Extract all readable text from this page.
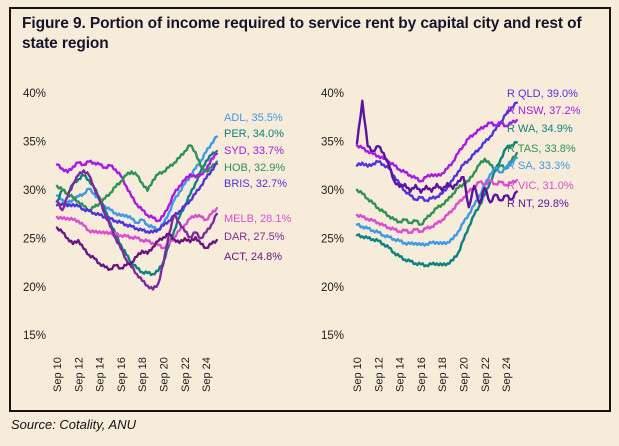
Figure 9. Portion of income required to service rent by capital city and rest of state region
40%
35%
30%
25%
20%
15%
Sep 10 Sep 12 Sep 14 Sep 16 Sep 18 Sep 20 Sep 22 Sep 24
ADL, 35.5%
PER, 34.0%
SYD, 33.7%
HOB, 32.9%
BRIS, 32.7%
MELB, 28.1%
DAR, 27.5%
ACT, 24.8%
40%
35%
30%
25%
20%
15%
Sep 10 Sep 12 Sep 14 Sep 16 Sep 18 Sep 20 Sep 22 Sep 24
R QLD, 39.0%
R NSW, 37.2%
R WA, 34.9%
R TAS, 33.8%
R SA, 33.3%
R VIC, 31.0%
R NT, 29.8%
Source: Cotality, ANU
